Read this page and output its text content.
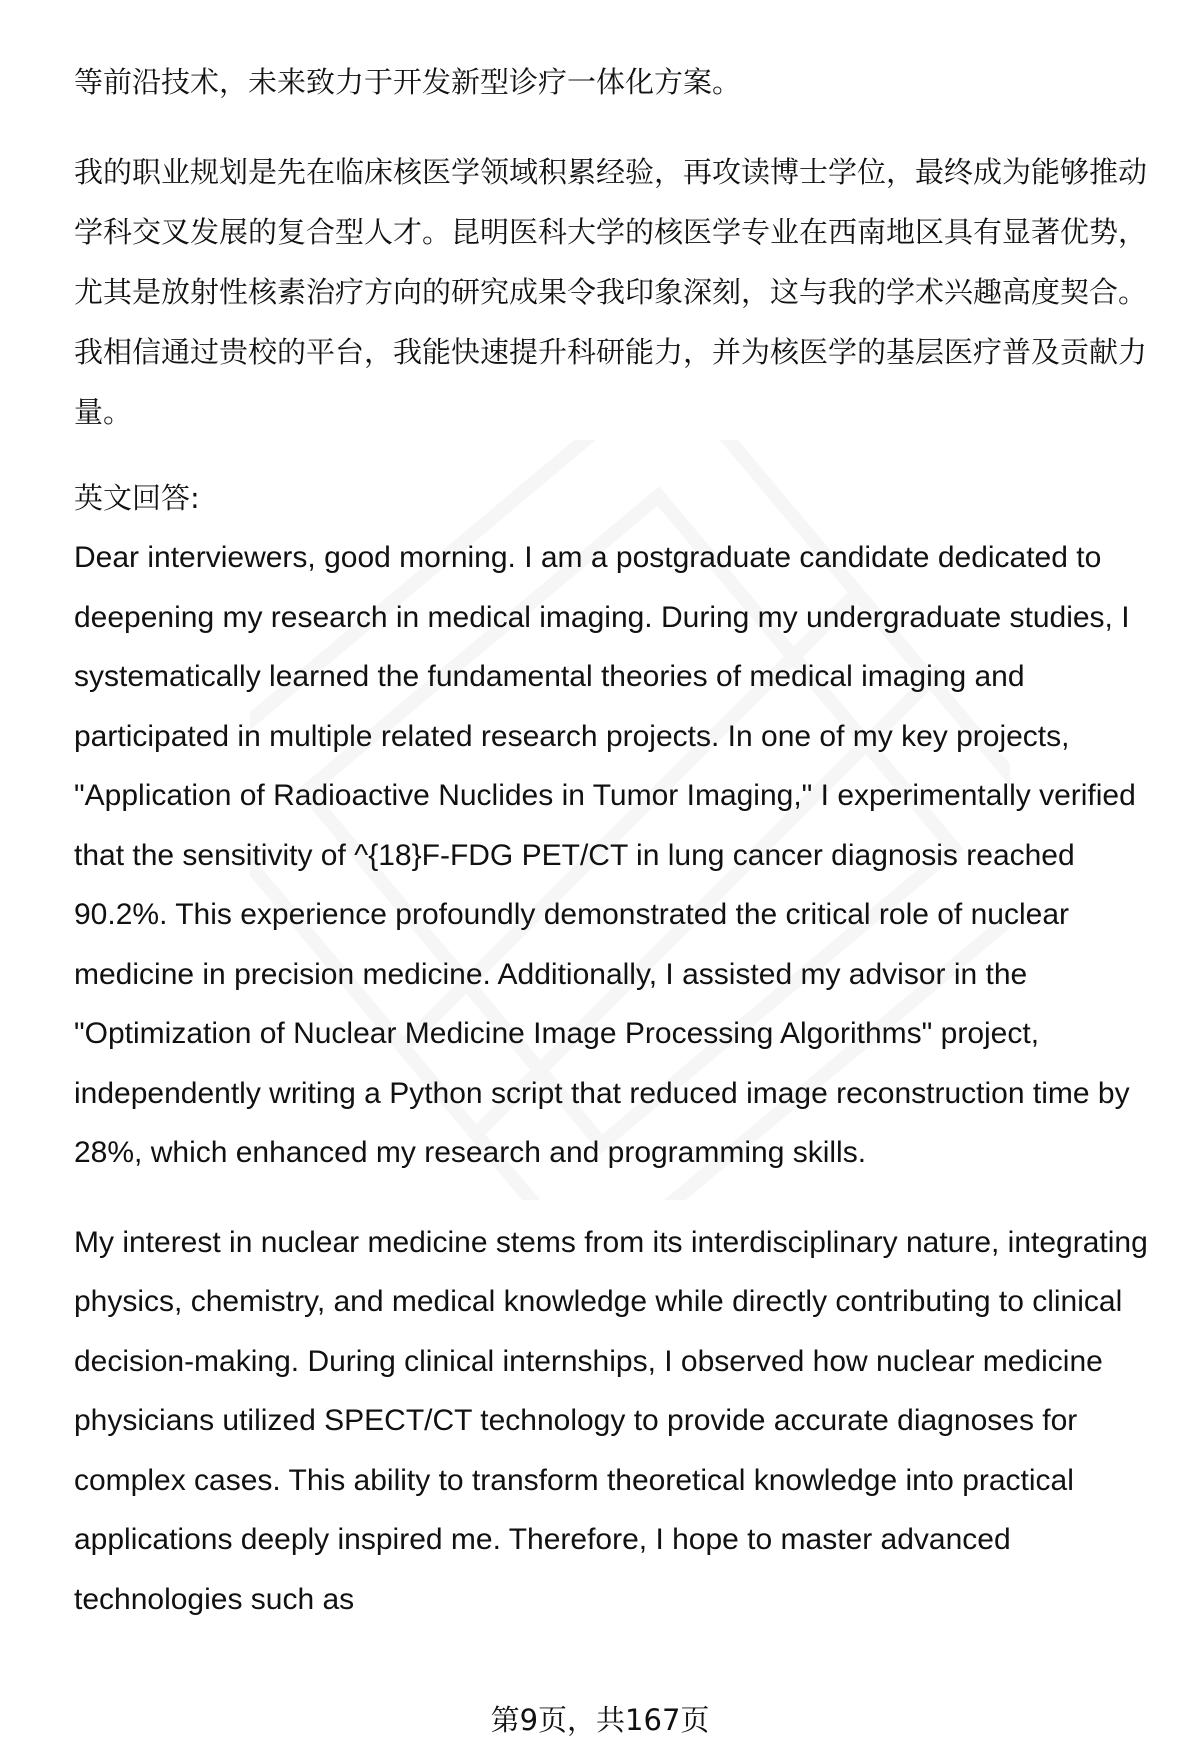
等前沿技术，未来致力于开发新型诊疗一体化方案。

我的职业规划是先在临床核医学领域积累经验，再攻读博士学位，最终成为能够推动学科交叉发展的复合型人才。昆明医科大学的核医学专业在西南地区具有显著优势，尤其是放射性核素治疗方向的研究成果令我印象深刻，这与我的学术兴趣高度契合。我相信通过贵校的平台，我能快速提升科研能力，并为核医学的基层医疗普及贡献力量。

英文回答:

Dear interviewers, good morning. I am a postgraduate candidate dedicated to deepening my research in medical imaging. During my undergraduate studies, I systematically learned the fundamental theories of medical imaging and participated in multiple related research projects. In one of my key projects, "Application of Radioactive Nuclides in Tumor Imaging," I experimentally verified that the sensitivity of ^{18}F-FDG PET/CT in lung cancer diagnosis reached 90.2%. This experience profoundly demonstrated the critical role of nuclear medicine in precision medicine. Additionally, I assisted my advisor in the "Optimization of Nuclear Medicine Image Processing Algorithms" project, independently writing a Python script that reduced image reconstruction time by 28%, which enhanced my research and programming skills.

My interest in nuclear medicine stems from its interdisciplinary nature, integrating physics, chemistry, and medical knowledge while directly contributing to clinical decision-making. During clinical internships, I observed how nuclear medicine physicians utilized SPECT/CT technology to provide accurate diagnoses for complex cases. This ability to transform theoretical knowledge into practical applications deeply inspired me. Therefore, I hope to master advanced technologies such as

第9页，共167页
